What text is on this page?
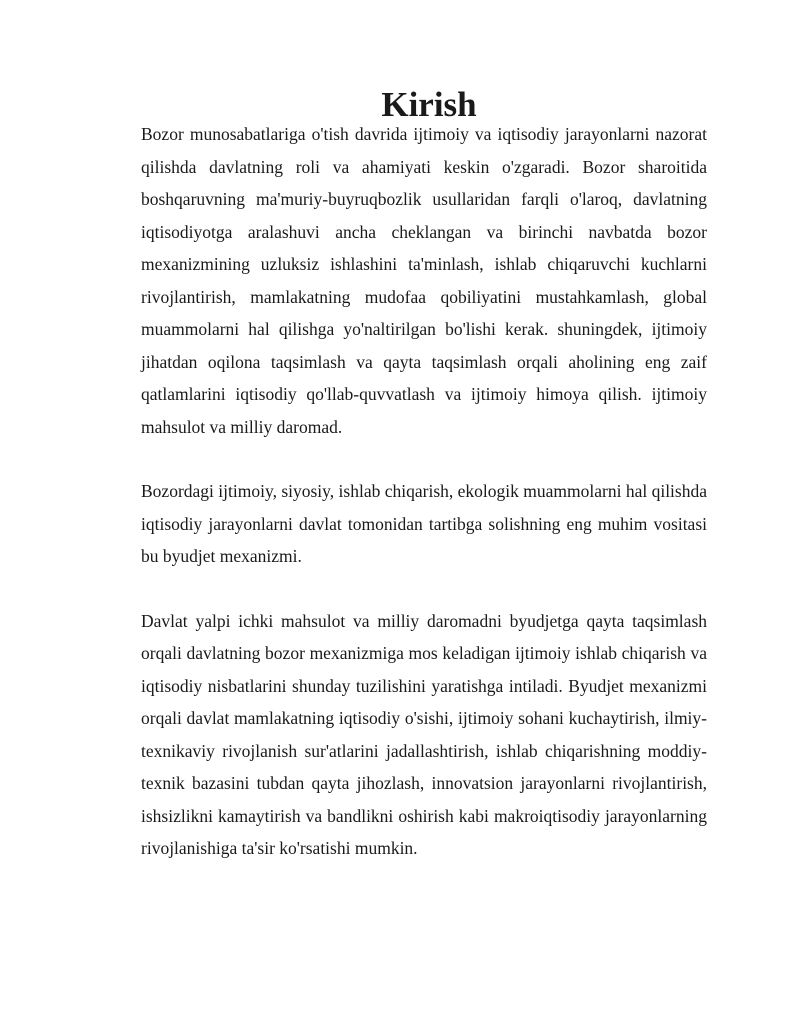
Kirish

Bozor munosabatlariga o'tish davrida ijtimoiy va iqtisodiy jarayonlarni nazorat qilishda davlatning roli va ahamiyati keskin o'zgaradi. Bozor sharoitida boshqaruvning ma'muriy-buyruqbozlik usullaridan farqli o'laroq, davlatning iqtisodiyotga aralashuvi ancha cheklangan va birinchi navbatda bozor mexanizmining uzluksiz ishlashini ta'minlash, ishlab chiqaruvchi kuchlarni rivojlantirish, mamlakatning mudofaa qobiliyatini mustahkamlash, global muammolarni hal qilishga yo'naltirilgan bo'lishi kerak. shuningdek, ijtimoiy jihatdan oqilona taqsimlash va qayta taqsimlash orqali aholining eng zaif qatlamlarini iqtisodiy qo'llab-quvvatlash va ijtimoiy himoya qilish. ijtimoiy mahsulot va milliy daromad.

Bozordagi ijtimoiy, siyosiy, ishlab chiqarish, ekologik muammolarni hal qilishda iqtisodiy jarayonlarni davlat tomonidan tartibga solishning eng muhim vositasi bu byudjet mexanizmi.

Davlat yalpi ichki mahsulot va milliy daromadni byudjetga qayta taqsimlash orqali davlatning bozor mexanizmiga mos keladigan ijtimoiy ishlab chiqarish va iqtisodiy nisbatlarini shunday tuzilishini yaratishga intiladi. Byudjet mexanizmi orqali davlat mamlakatning iqtisodiy o'sishi, ijtimoiy sohani kuchaytirish, ilmiy-texnikaviy rivojlanish sur'atlarini jadallashtirish, ishlab chiqarishning moddiy-texnik bazasini tubdan qayta jihozlash, innovatsion jarayonlarni rivojlantirish, ishsizlikni kamaytirish va bandlikni oshirish kabi makroiqtisodiy jarayonlarning rivojlanishiga ta'sir ko'rsatishi mumkin.
